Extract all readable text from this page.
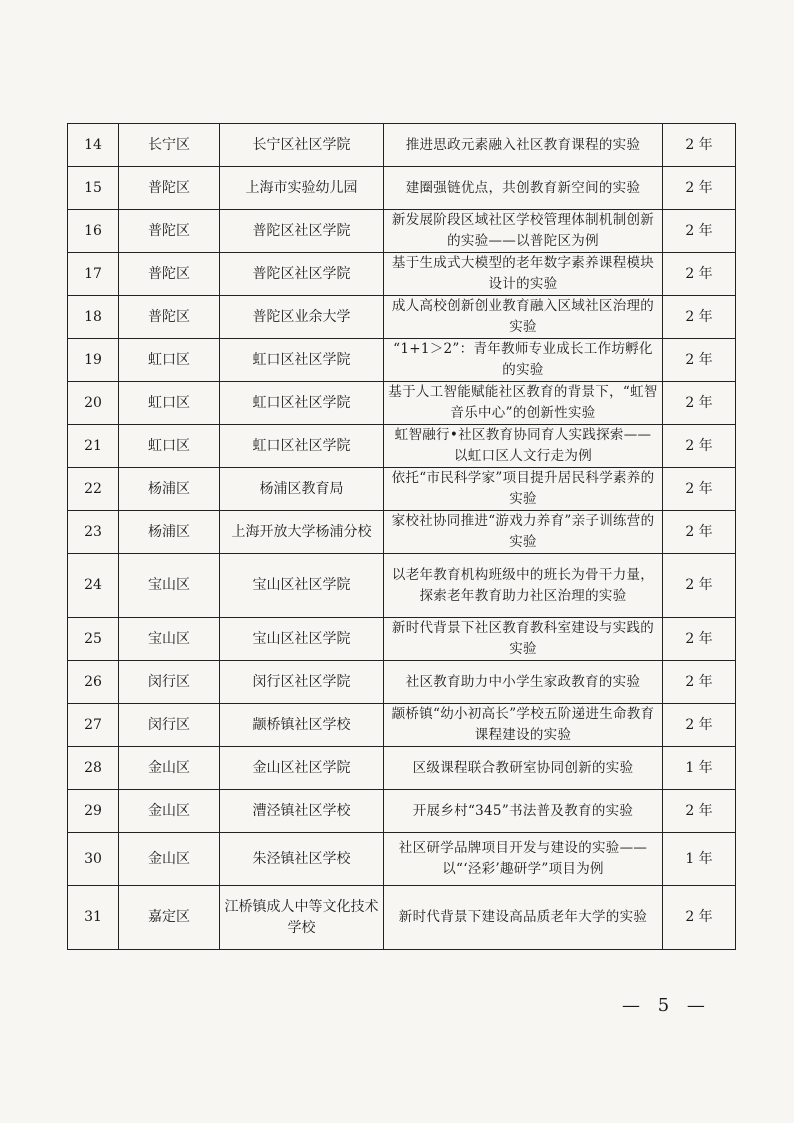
14	长宁区	长宁区社区学院	推进思政元素融入社区教育课程的实验	2 年
15	普陀区	上海市实验幼儿园	建圈强链优点，共创教育新空间的实验	2 年
16	普陀区	普陀区社区学院	新发展阶段区域社区学校管理体制机制创新的实验——以普陀区为例	2 年
17	普陀区	普陀区社区学院	基于生成式大模型的老年数字素养课程模块设计的实验	2 年
18	普陀区	普陀区业余大学	成人高校创新创业教育融入区域社区治理的实验	2 年
19	虹口区	虹口区社区学院	“1+1＞2”：青年教师专业成长工作坊孵化的实验	2 年
20	虹口区	虹口区社区学院	基于人工智能赋能社区教育的背景下，“虹智音乐中心”的创新性实验	2 年
21	虹口区	虹口区社区学院	虹智融行•社区教育协同育人实践探索——以虹口区人文行走为例	2 年
22	杨浦区	杨浦区教育局	依托“市民科学家”项目提升居民科学素养的实验	2 年
23	杨浦区	上海开放大学杨浦分校	家校社协同推进“游戏力养育”亲子训练营的实验	2 年
24	宝山区	宝山区社区学院	以老年教育机构班级中的班长为骨干力量，探索老年教育助力社区治理的实验	2 年
25	宝山区	宝山区社区学院	新时代背景下社区教育教科室建设与实践的实验	2 年
26	闵行区	闵行区社区学院	社区教育助力中小学生家政教育的实验	2 年
27	闵行区	颛桥镇社区学校	颛桥镇“幼小初高长”学校五阶递进生命教育课程建设的实验	2 年
28	金山区	金山区社区学院	区级课程联合教研室协同创新的实验	1 年
29	金山区	漕泾镇社区学校	开展乡村“345”书法普及教育的实验	2 年
30	金山区	朱泾镇社区学校	社区研学品牌项目开发与建设的实验——以“‘泾彩’趣研学”项目为例	1 年
31	嘉定区	江桥镇成人中等文化技术学校	新时代背景下建设高品质老年大学的实验	2 年
— 5 —
